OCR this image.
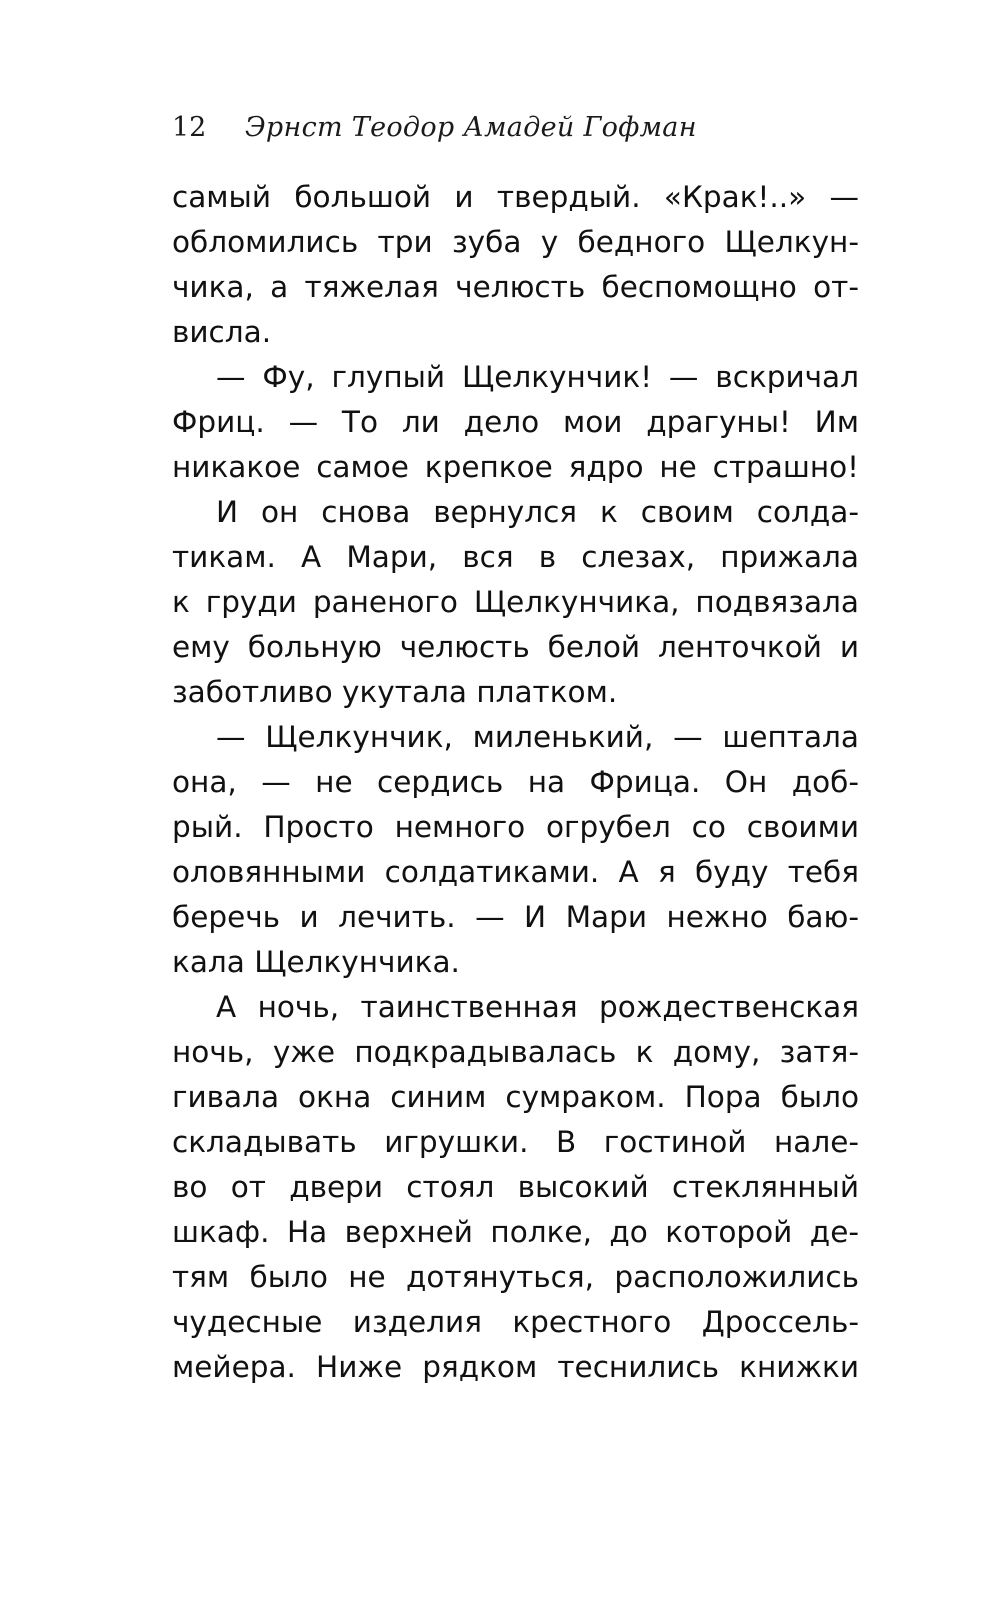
12 Эрнст Теодор Амадей Гофман
самый большой и твердый. «Крак!..» —
обломились три зуба у бедного Щелкун-
чика, а тяжелая челюсть беспомощно от-
висла.
— Фу, глупый Щелкунчик! — вскричал
Фриц. — То ли дело мои драгуны! Им
никакое самое крепкое ядро не страшно!
И он снова вернулся к своим солда-
тикам. А Мари, вся в слезах, прижала
к груди раненого Щелкунчика, подвязала
ему больную челюсть белой ленточкой и
заботливо укутала платком.
— Щелкунчик, миленький, — шептала
она, — не сердись на Фрица. Он доб-
рый. Просто немного огрубел со своими
оловянными солдатиками. А я буду тебя
беречь и лечить. — И Мари нежно баю-
кала Щелкунчика.
А ночь, таинственная рождественская
ночь, уже подкрадывалась к дому, затя-
гивала окна синим сумраком. Пора было
складывать игрушки. В гостиной нале-
во от двери стоял высокий стеклянный
шкаф. На верхней полке, до которой де-
тям было не дотянуться, расположились
чудесные изделия крестного Дроссель-
мейера. Ниже рядком теснились книжки
